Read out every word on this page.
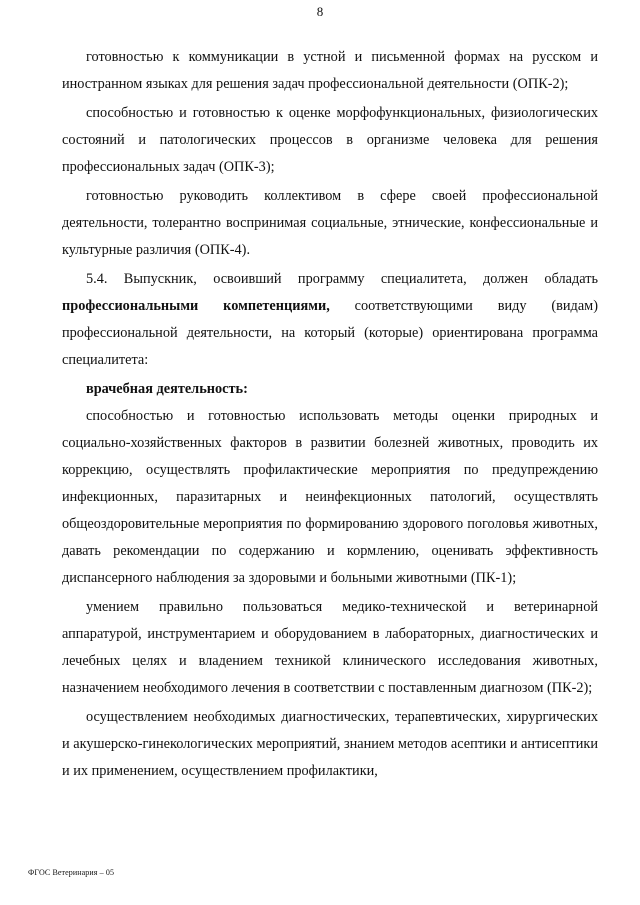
8

готовностью к коммуникации в устной и письменной формах на русском и иностранном языках для решения задач профессиональной деятельности (ОПК-2);

способностью и готовностью к оценке морфофункциональных, физиологических состояний и патологических процессов в организме человека для решения профессиональных задач (ОПК-3);

готовностью руководить коллективом в сфере своей профессиональной деятельности, толерантно воспринимая социальные, этнические, конфессиональные и культурные различия (ОПК-4).

5.4. Выпускник, освоивший программу специалитета, должен обладать профессиональными компетенциями, соответствующими виду (видам) профессиональной деятельности, на который (которые) ориентирована программа специалитета:

врачебная деятельность:

способностью и готовностью использовать методы оценки природных и социально-хозяйственных факторов в развитии болезней животных, проводить их коррекцию, осуществлять профилактические мероприятия по предупреждению инфекционных, паразитарных и неинфекционных патологий, осуществлять общеоздоровительные мероприятия по формированию здорового поголовья животных, давать рекомендации по содержанию и кормлению, оценивать эффективность диспансерного наблюдения за здоровыми и больными животными (ПК-1);

умением правильно пользоваться медико-технической и ветеринарной аппаратурой, инструментарием и оборудованием в лабораторных, диагностических и лечебных целях и владением техникой клинического исследования животных, назначением необходимого лечения в соответствии с поставленным диагнозом (ПК-2);

осуществлением необходимых диагностических, терапевтических, хирургических и акушерско-гинекологических мероприятий, знанием методов асептики и антисептики и их применением, осуществлением профилактики,

ФГОС Ветеринария – 05
